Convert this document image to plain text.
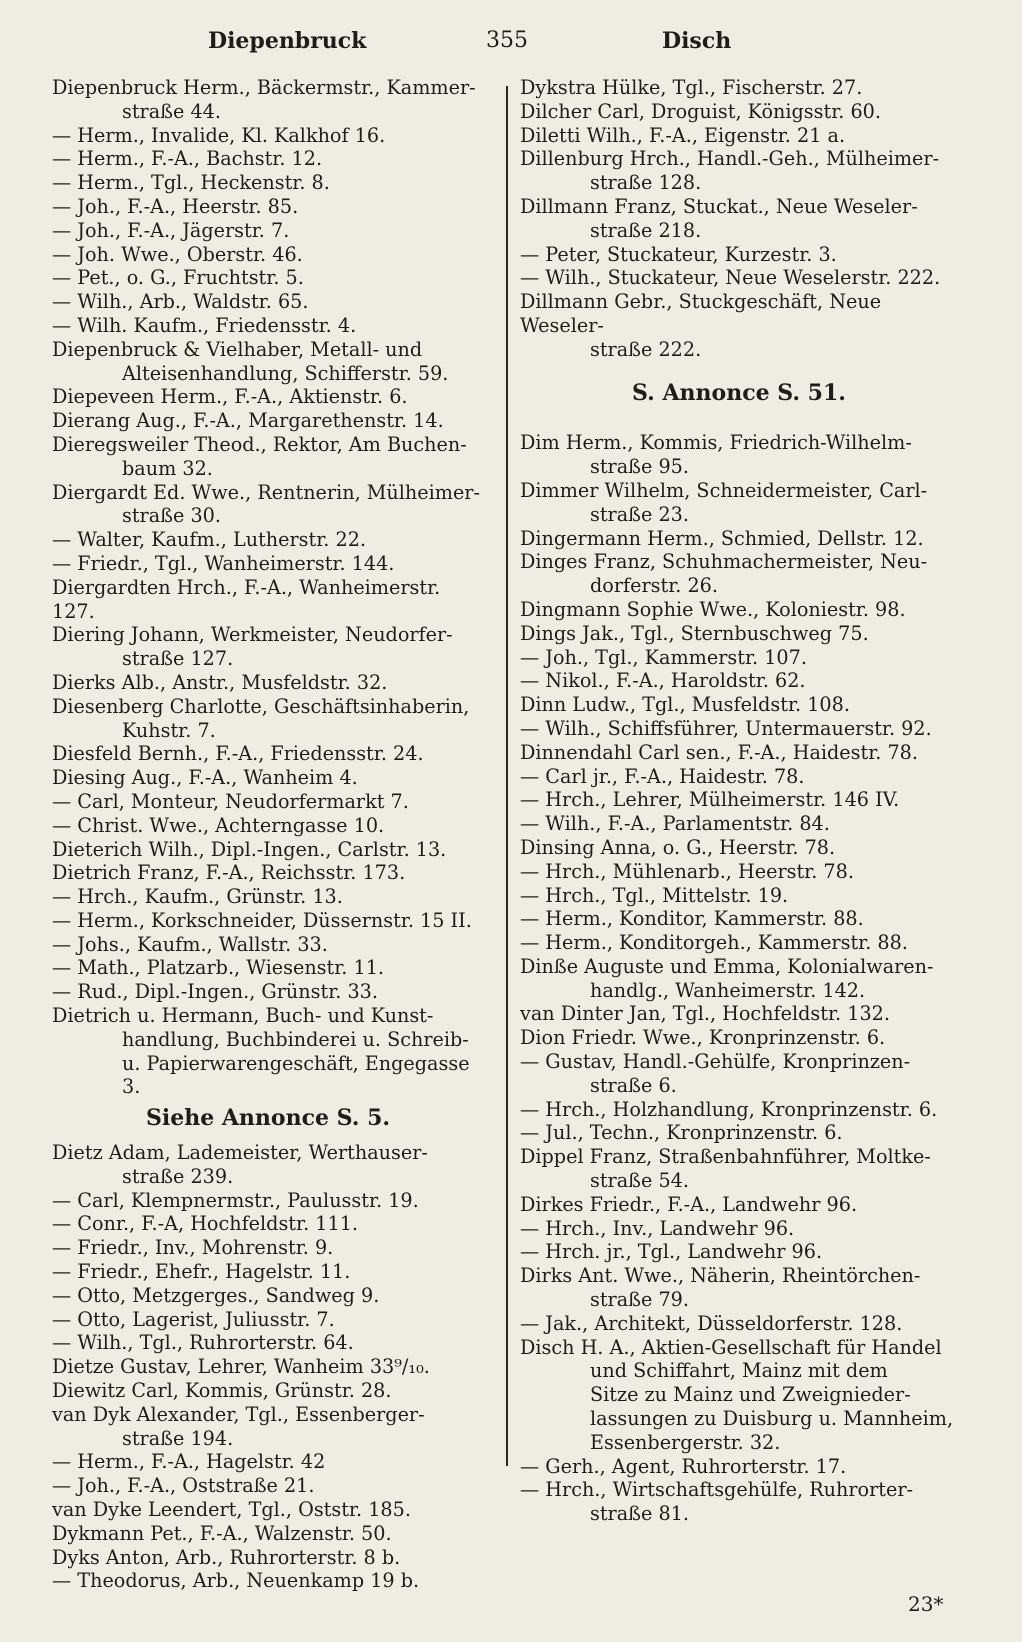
Diepenbruck	355	Disch
Diepenbruck Herm., Bäckermstr., Kammer-
straße 44.
— Herm., Invalide, Kl. Kalkhof 16.
— Herm., F.-A., Bachstr. 12.
— Herm., Tgl., Heckenstr. 8.
— Joh., F.-A., Heerstr. 85.
— Joh., F.-A., Jägerstr. 7.
— Joh. Wwe., Oberstr. 46.
— Pet., o. G., Fruchtstr. 5.
— Wilh., Arb., Waldstr. 65.
— Wilh. Kaufm., Friedensstr. 4.
Diepenbruck & Vielhaber, Metall- und
Alteisenhandlung, Schifferstr. 59.
Diepeveen Herm., F.-A., Aktienstr. 6.
Dierang Aug., F.-A., Margarethenstr. 14.
Dieregsweiler Theod., Rektor, Am Buchen-
baum 32.
Diergardt Ed. Wwe., Rentnerin, Mülheimer-
straße 30.
— Walter, Kaufm., Lutherstr. 22.
— Friedr., Tgl., Wanheimerstr. 144.
Diergardten Hrch., F.-A., Wanheimerstr. 127.
Diering Johann, Werkmeister, Neudorfer-
straße 127.
Dierks Alb., Anstr., Musfeldstr. 32.
Diesenberg Charlotte, Geschäftsinhaberin,
Kuhstr. 7.
Diesfeld Bernh., F.-A., Friedensstr. 24.
Diesing Aug., F.-A., Wanheim 4.
— Carl, Monteur, Neudorfermarkt 7.
— Christ. Wwe., Achterngasse 10.
Dieterich Wilh., Dipl.-Ingen., Carlstr. 13.
Dietrich Franz, F.-A., Reichsstr. 173.
— Hrch., Kaufm., Grünstr. 13.
— Herm., Korkschneider, Düssernstr. 15 II.
— Johs., Kaufm., Wallstr. 33.
— Math., Platzarb., Wiesenstr. 11.
— Rud., Dipl.-Ingen., Grünstr. 33.
Dietrich u. Hermann, Buch- und Kunst-
handlung, Buchbinderei u. Schreib-
u. Papierwarengeschäft, Engegasse 3.
Siehe Annonce S. 5.
Dietz Adam, Lademeister, Werthauser-
straße 239.
— Carl, Klempnermstr., Paulusstr. 19.
— Conr., F.-A, Hochfeldstr. 111.
— Friedr., Inv., Mohrenstr. 9.
— Friedr., Ehefr., Hagelstr. 11.
— Otto, Metzgerges., Sandweg 9.
— Otto, Lagerist, Juliusstr. 7.
— Wilh., Tgl., Ruhrorterstr. 64.
Dietze Gustav, Lehrer, Wanheim 33⁹/₁₀.
Diewitz Carl, Kommis, Grünstr. 28.
van Dyk Alexander, Tgl., Essenberger-
straße 194.
— Herm., F.-A., Hagelstr. 42
— Joh., F.-A., Oststraße 21.
van Dyke Leendert, Tgl., Oststr. 185.
Dykmann Pet., F.-A., Walzenstr. 50.
Dyks Anton, Arb., Ruhrorterstr. 8 b.
— Theodorus, Arb., Neuenkamp 19 b.
Dykstra Hülke, Tgl., Fischerstr. 27.
Dilcher Carl, Droguist, Königsstr. 60.
Diletti Wilh., F.-A., Eigenstr. 21 a.
Dillenburg Hrch., Handl.-Geh., Mülheimer-
straße 128.
Dillmann Franz, Stuckat., Neue Weseler-
straße 218.
— Peter, Stuckateur, Kurzestr. 3.
— Wilh., Stuckateur, Neue Weselerstr. 222.
Dillmann Gebr., Stuckgeschäft, Neue Weseler-
straße 222.
S. Annonce S. 51.
Dim Herm., Kommis, Friedrich-Wilhelm-
straße 95.
Dimmer Wilhelm, Schneidermeister, Carl-
straße 23.
Dingermann Herm., Schmied, Dellstr. 12.
Dinges Franz, Schuhmachermeister, Neu-
dorferstr. 26.
Dingmann Sophie Wwe., Koloniestr. 98.
Dings Jak., Tgl., Sternbuschweg 75.
— Joh., Tgl., Kammerstr. 107.
— Nikol., F.-A., Haroldstr. 62.
Dinn Ludw., Tgl., Musfeldstr. 108.
— Wilh., Schiffsführer, Untermauerstr. 92.
Dinnendahl Carl sen., F.-A., Haidestr. 78.
— Carl jr., F.-A., Haidestr. 78.
— Hrch., Lehrer, Mülheimerstr. 146 IV.
— Wilh., F.-A., Parlamentstr. 84.
Dinsing Anna, o. G., Heerstr. 78.
— Hrch., Mühlenarb., Heerstr. 78.
— Hrch., Tgl., Mittelstr. 19.
— Herm., Konditor, Kammerstr. 88.
— Herm., Konditorgeh., Kammerstr. 88.
Dinße Auguste und Emma, Kolonialwaren-
handlg., Wanheimerstr. 142.
van Dinter Jan, Tgl., Hochfeldstr. 132.
Dion Friedr. Wwe., Kronprinzenstr. 6.
— Gustav, Handl.-Gehülfe, Kronprinzen-
straße 6.
— Hrch., Holzhandlung, Kronprinzenstr. 6.
— Jul., Techn., Kronprinzenstr. 6.
Dippel Franz, Straßenbahnführer, Moltke-
straße 54.
Dirkes Friedr., F.-A., Landwehr 96.
— Hrch., Inv., Landwehr 96.
— Hrch. jr., Tgl., Landwehr 96.
Dirks Ant. Wwe., Näherin, Rheintörchen-
straße 79.
— Jak., Architekt, Düsseldorferstr. 128.
Disch H. A., Aktien-Gesellschaft für Handel
und Schiffahrt, Mainz mit dem
Sitze zu Mainz und Zweignieder-
lassungen zu Duisburg u. Mannheim,
Essenbergerstr. 32.
— Gerh., Agent, Ruhrorterstr. 17.
— Hrch., Wirtschaftsgehülfe, Ruhrorter-
straße 81.
23*
